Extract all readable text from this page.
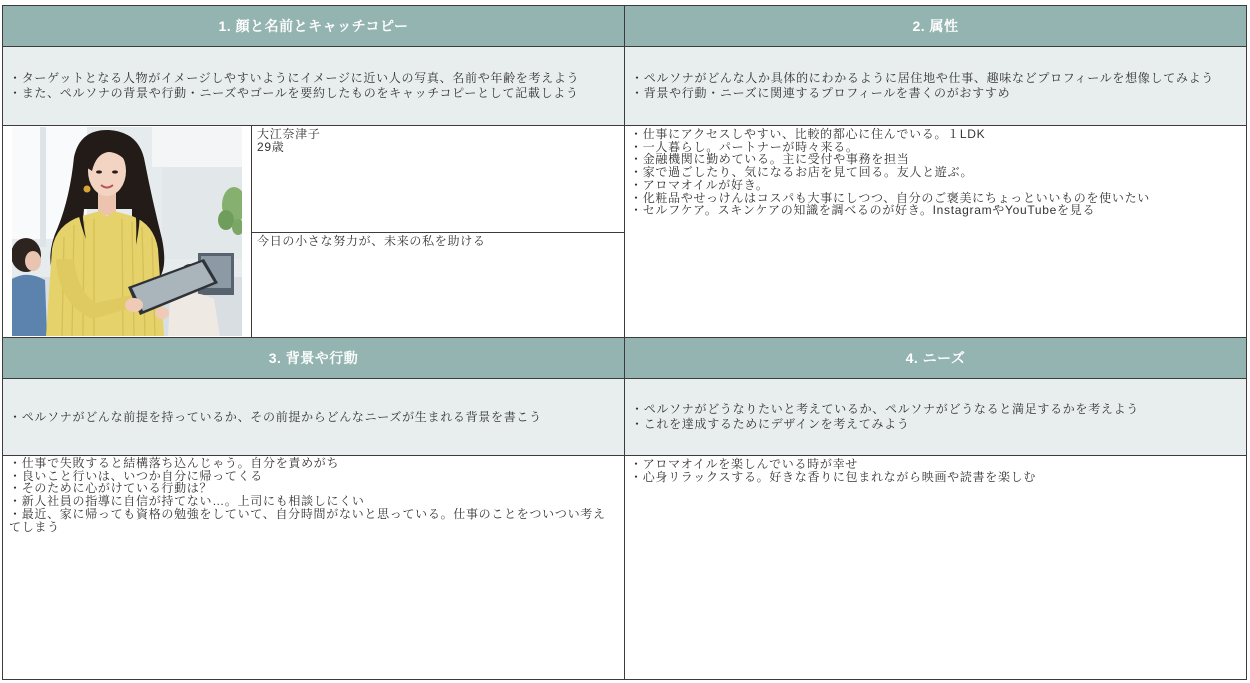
1. 顔と名前とキャッチコピー
・ターゲットとなる人物がイメージしやすいようにイメージに近い人の写真、名前や年齢を考えよう
・また、ペルソナの背景や行動・ニーズやゴールを要約したものをキャッチコピーとして記載しよう
大江奈津子
29歳
今日の小さな努力が、未来の私を助ける
2. 属性
・ペルソナがどんな人か具体的にわかるように居住地や仕事、趣味などプロフィールを想像してみよう
・背景や行動・ニーズに関連するプロフィールを書くのがおすすめ
・仕事にアクセスしやすい、比較的都心に住んでいる。１LDK
・一人暮らし。パートナーが時々来る。
・金融機関に勤めている。主に受付や事務を担当
・家で過ごしたり、気になるお店を見て回る。友人と遊ぶ。
・アロマオイルが好き。
・化粧品やせっけんはコスパも大事にしつつ、自分のご褒美にちょっといいものを使いたい
・セルフケア。スキンケアの知識を調べるのが好き。InstagramやYouTubeを見る
3. 背景や行動
・ペルソナがどんな前提を持っているか、その前提からどんなニーズが生まれる背景を書こう
・仕事で失敗すると結構落ち込んじゃう。自分を責めがち
・良いこと行いは、いつか自分に帰ってくる
・そのために心がけている行動は？
・新人社員の指導に自信が持てない…。上司にも相談しにくい
・最近、家に帰っても資格の勉強をしていて、自分時間がないと思っている。仕事のことをついつい考えてしまう
4. ニーズ
・ペルソナがどうなりたいと考えているか、ペルソナがどうなると満足するかを考えよう
・これを達成するためにデザインを考えてみよう
・アロマオイルを楽しんでいる時が幸せ
・心身リラックスする。好きな香りに包まれながら映画や読書を楽しむ
